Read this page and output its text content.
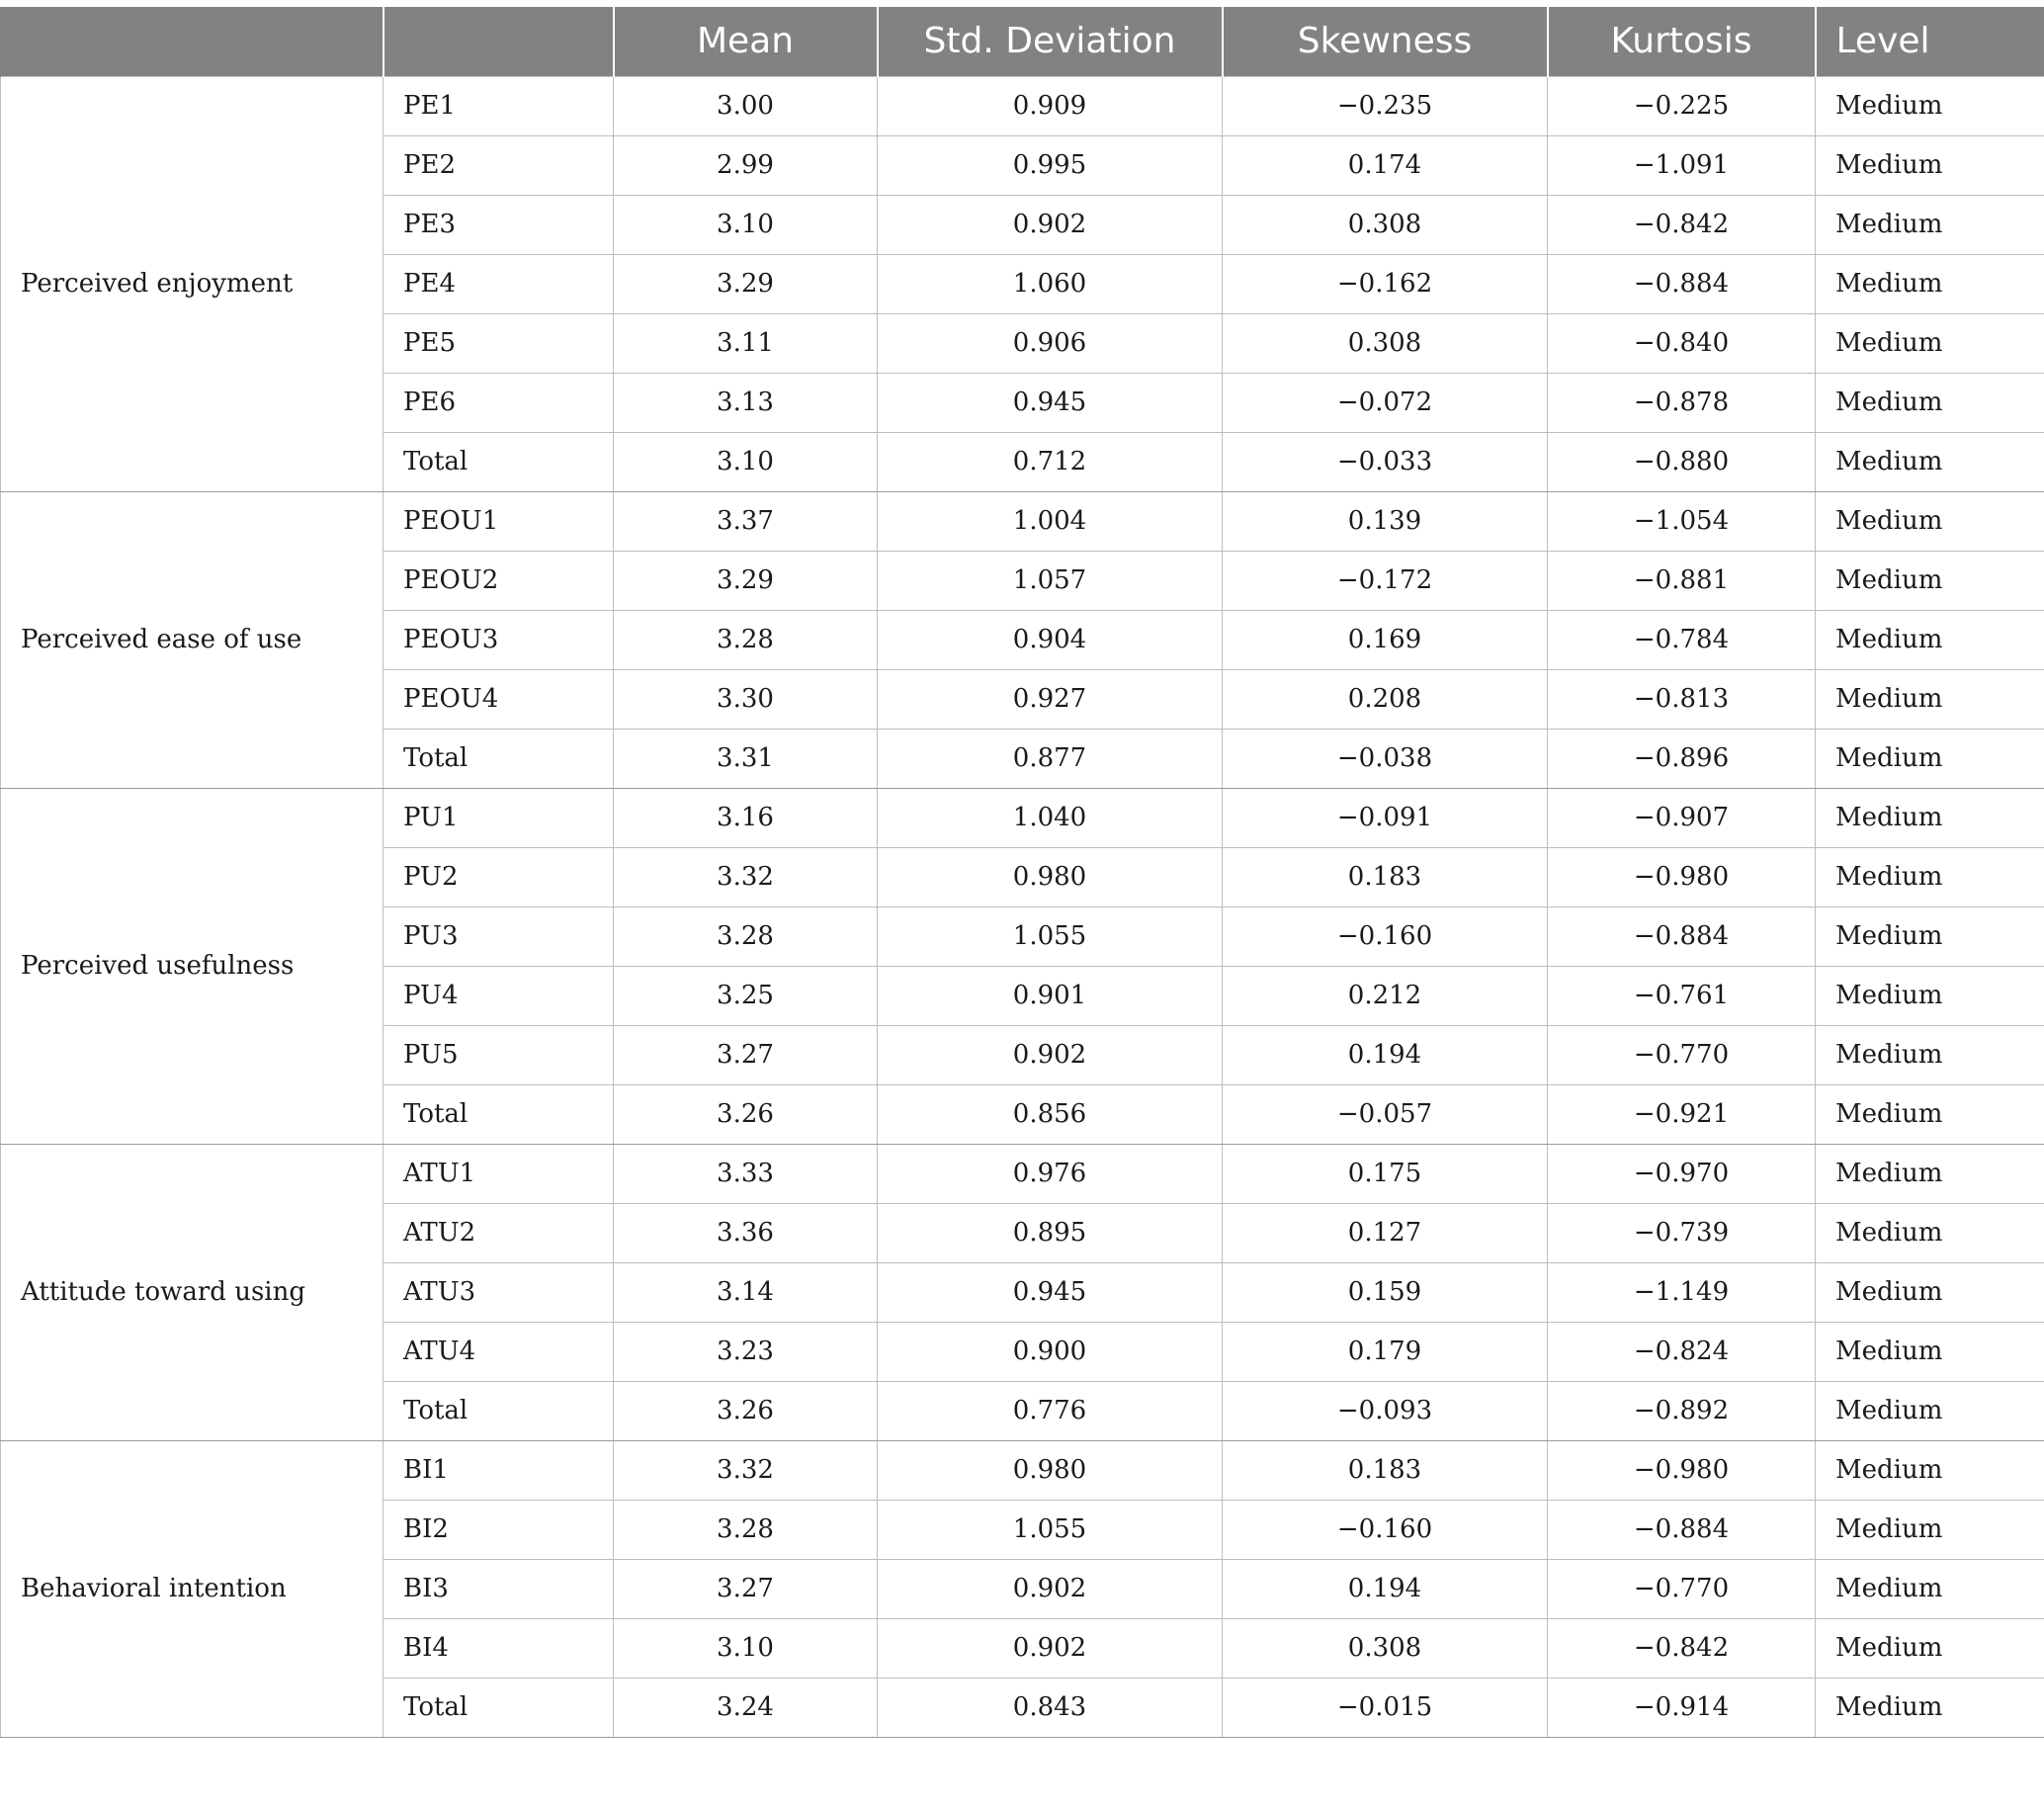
		Mean	Std. Deviation	Skewness	Kurtosis	Level
Perceived enjoyment	PE1	3.00	0.909	−0.235	−0.225	Medium
	PE2	2.99	0.995	0.174	−1.091	Medium
	PE3	3.10	0.902	0.308	−0.842	Medium
	PE4	3.29	1.060	−0.162	−0.884	Medium
	PE5	3.11	0.906	0.308	−0.840	Medium
	PE6	3.13	0.945	−0.072	−0.878	Medium
	Total	3.10	0.712	−0.033	−0.880	Medium
Perceived ease of use	PEOU1	3.37	1.004	0.139	−1.054	Medium
	PEOU2	3.29	1.057	−0.172	−0.881	Medium
	PEOU3	3.28	0.904	0.169	−0.784	Medium
	PEOU4	3.30	0.927	0.208	−0.813	Medium
	Total	3.31	0.877	−0.038	−0.896	Medium
Perceived usefulness	PU1	3.16	1.040	−0.091	−0.907	Medium
	PU2	3.32	0.980	0.183	−0.980	Medium
	PU3	3.28	1.055	−0.160	−0.884	Medium
	PU4	3.25	0.901	0.212	−0.761	Medium
	PU5	3.27	0.902	0.194	−0.770	Medium
	Total	3.26	0.856	−0.057	−0.921	Medium
Attitude toward using	ATU1	3.33	0.976	0.175	−0.970	Medium
	ATU2	3.36	0.895	0.127	−0.739	Medium
	ATU3	3.14	0.945	0.159	−1.149	Medium
	ATU4	3.23	0.900	0.179	−0.824	Medium
	Total	3.26	0.776	−0.093	−0.892	Medium
Behavioral intention	BI1	3.32	0.980	0.183	−0.980	Medium
	BI2	3.28	1.055	−0.160	−0.884	Medium
	BI3	3.27	0.902	0.194	−0.770	Medium
	BI4	3.10	0.902	0.308	−0.842	Medium
	Total	3.24	0.843	−0.015	−0.914	Medium
